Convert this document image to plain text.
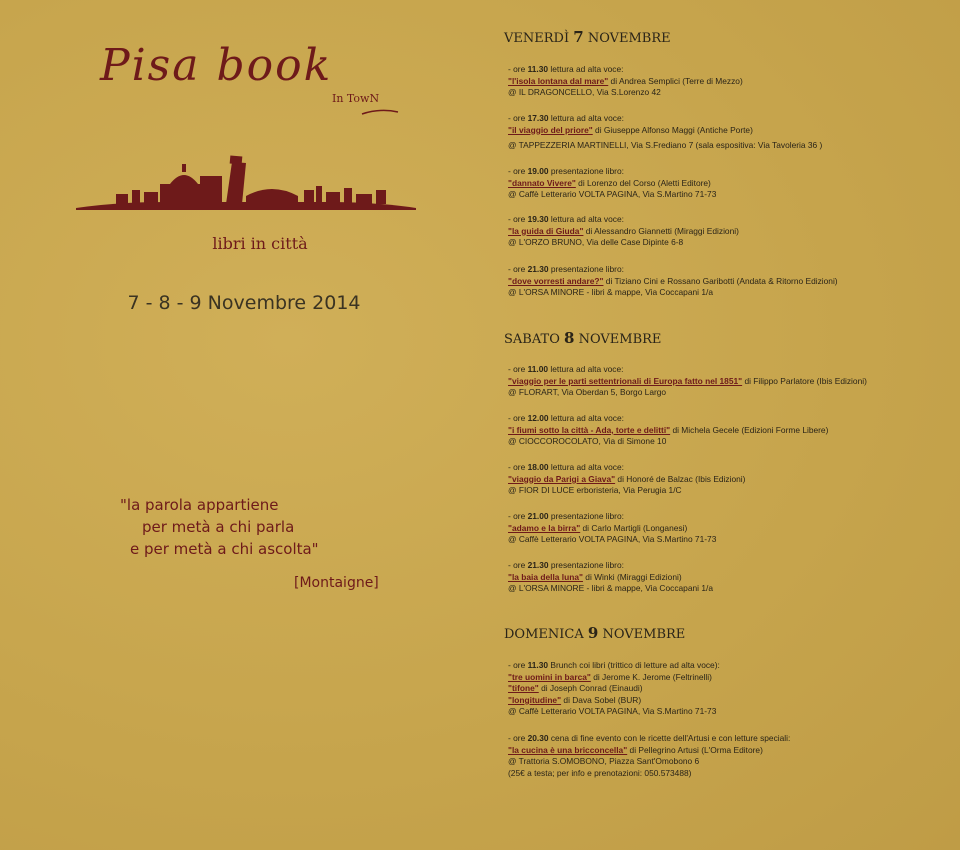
Pisa book
In TowN
libri in città
7 - 8 - 9 Novembre 2014
"la parola appartiene
per metà a chi parla
e per metà a chi ascolta"
[Montaigne]
VENERDÌ 7 NOVEMBRE
- ore 11.30 lettura ad alta voce:
"l'isola lontana dal mare" di Andrea Semplici (Terre di Mezzo)
@ IL DRAGONCELLO, Via S.Lorenzo 42
- ore 17.30 lettura ad alta voce:
"il viaggio del priore" di Giuseppe Alfonso Maggi (Antiche Porte)
@ TAPPEZZERIA MARTINELLI, Via S.Frediano 7 (sala espositiva: Via Tavoleria 36 )
- ore 19.00 presentazione libro:
"dannato Vivere" di Lorenzo del Corso (Aletti Editore)
@ Caffè Letterario VOLTA PAGINA, Via S.Martino 71-73
- ore 19.30 lettura ad alta voce:
"la guida di Giuda" di Alessandro Giannetti (Miraggi Edizioni)
@ L'ORZO BRUNO, Via delle Case Dipinte 6-8
- ore 21.30 presentazione libro:
"dove vorresti andare?" di Tiziano Cini e Rossano Garibotti (Andata & Ritorno Edizioni)
@ L'ORSA MINORE - libri & mappe, Via Coccapani 1/a
SABATO 8 NOVEMBRE
- ore 11.00 lettura ad alta voce:
"viaggio per le parti settentrionali di Europa fatto nel 1851" di Filippo Parlatore (Ibis Edizioni)
@ FLORART, Via Oberdan 5, Borgo Largo
- ore 12.00 lettura ad alta voce:
"i fiumi sotto la città - Ada, torte e delitti" di Michela Gecele (Edizioni Forme Libere)
@ CIOCCOROCOLATO, Via di Simone 10
- ore 18.00 lettura ad alta voce:
"viaggio da Parigi a Giava" di Honoré de Balzac (Ibis Edizioni)
@ FIOR DI LUCE erboristeria, Via Perugia 1/C
- ore 21.00 presentazione libro:
"adamo e la birra" di Carlo Martigli (Longanesi)
@ Caffè Letterario VOLTA PAGINA, Via S.Martino 71-73
- ore 21.30 presentazione libro:
"la baia della luna" di Winki (Miraggi Edizioni)
@ L'ORSA MINORE - libri & mappe, Via Coccapani 1/a
DOMENICA 9 NOVEMBRE
- ore 11.30 Brunch coi libri (trittico di letture ad alta voce):
"tre uomini in barca" di Jerome K. Jerome (Feltrinelli)
"tifone" di Joseph Conrad (Einaudi)
"longitudine" di Dava Sobel (BUR)
@ Caffè Letterario VOLTA PAGINA, Via S.Martino 71-73
- ore 20.30 cena di fine evento con le ricette dell'Artusi e con letture speciali:
"la cucina è una bricconcella" di Pellegrino Artusi (L'Orma Editore)
@ Trattoria S.OMOBONO, Piazza Sant'Omobono 6
(25€ a testa; per info e prenotazioni: 050.573488)
